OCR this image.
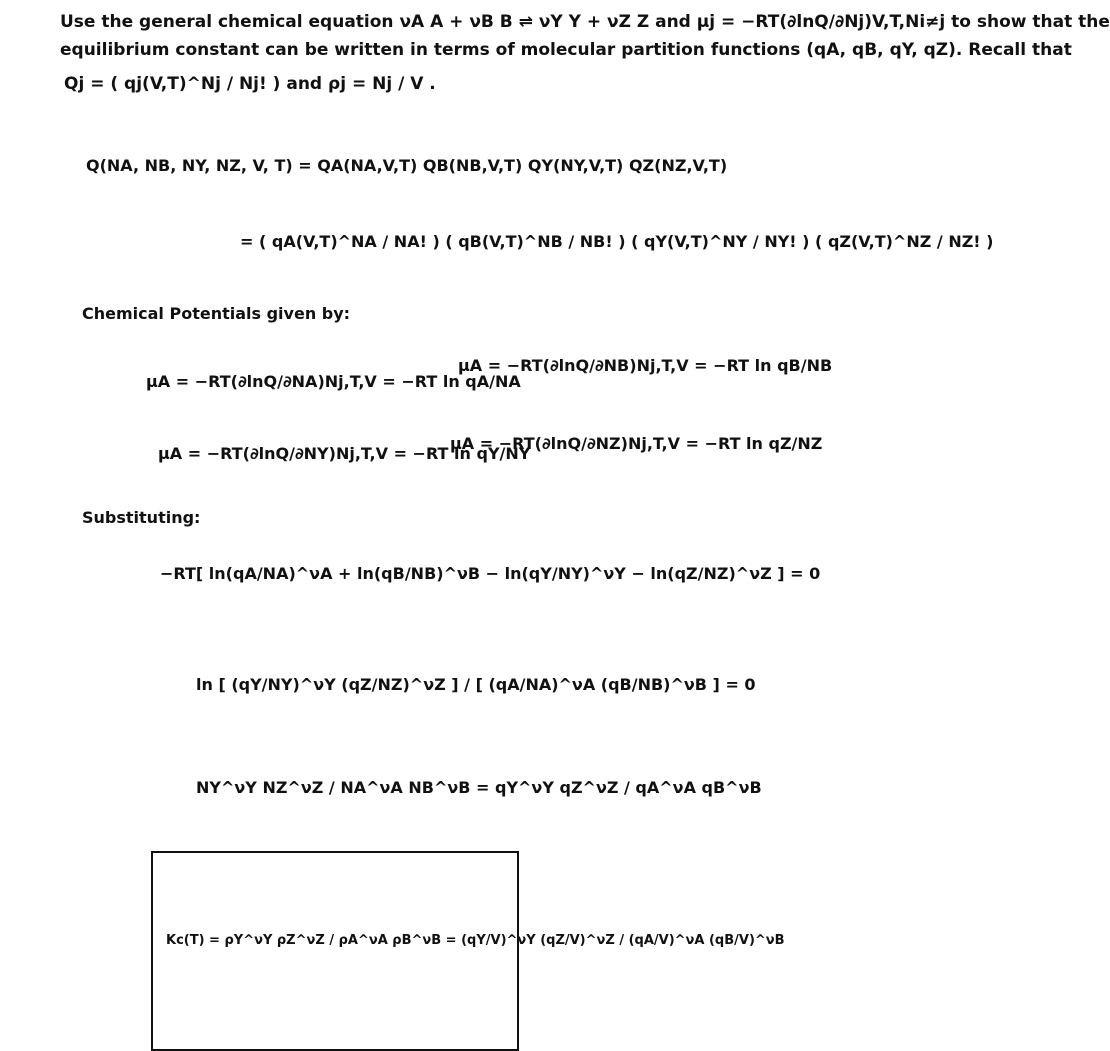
Use the general chemical equation νA A + νB B ⇌ νY Y + νZ Z and μj = −RT(∂lnQ/∂Nj)V,T,Ni≠j to show that the
equilibrium constant can be written in terms of molecular partition functions (qA, qB, qY, qZ). Recall that
Qj = ( qj(V,T)^Nj / Nj! ) and ρj = Nj / V .
Q(NA, NB, NY, NZ, V, T) = QA(NA,V,T) QB(NB,V,T) QY(NY,V,T) QZ(NZ,V,T)
= ( qA(V,T)^NA / NA! ) ( qB(V,T)^NB / NB! ) ( qY(V,T)^NY / NY! ) ( qZ(V,T)^NZ / NZ! )
Chemical Potentials given by:
μA = −RT(∂lnQ/∂NA)Nj,T,V = −RT ln qA/NA
μA = −RT(∂lnQ/∂NB)Nj,T,V = −RT ln qB/NB
μA = −RT(∂lnQ/∂NY)Nj,T,V = −RT ln qY/NY
μA = −RT(∂lnQ/∂NZ)Nj,T,V = −RT ln qZ/NZ
Substituting:
−RT[ ln(qA/NA)^νA + ln(qB/NB)^νB − ln(qY/NY)^νY − ln(qZ/NZ)^νZ ] = 0
ln [ (qY/NY)^νY (qZ/NZ)^νZ ] / [ (qA/NA)^νA (qB/NB)^νB ] = 0
NY^νY NZ^νZ / NA^νA NB^νB = qY^νY qZ^νZ / qA^νA qB^νB
Kc(T) = ρY^νY ρZ^νZ / ρA^νA ρB^νB = (qY/V)^νY (qZ/V)^νZ / (qA/V)^νA (qB/V)^νB
